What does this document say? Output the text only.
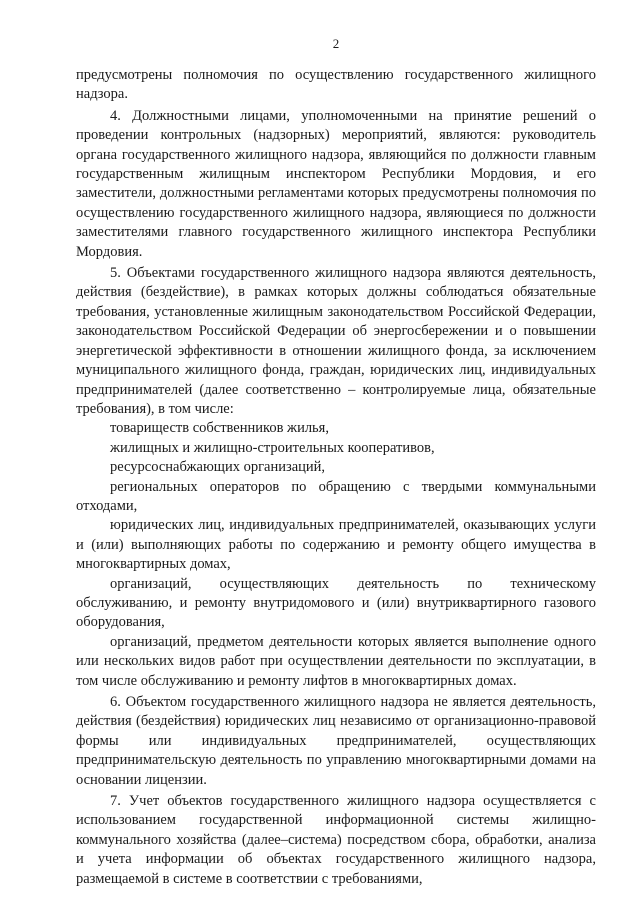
2

предусмотрены полномочия по осуществлению государственного жилищного надзора.

4. Должностными лицами, уполномоченными на принятие решений о проведении контрольных (надзорных) мероприятий, являются: руководитель органа государственного жилищного надзора, являющийся по должности главным государственным жилищным инспектором Республики Мордовия, и его заместители, должностными регламентами которых предусмотрены полномочия по осуществлению государственного жилищного надзора, являющиеся по должности заместителями главного государственного жилищного инспектора Республики Мордовия.

5. Объектами государственного жилищного надзора являются деятельность, действия (бездействие), в рамках которых должны соблюдаться обязательные требования, установленные жилищным законодательством Российской Федерации, законодательством Российской Федерации об энергосбережении и о повышении энергетической эффективности в отношении жилищного фонда, за исключением муниципального жилищного фонда, граждан, юридических лиц, индивидуальных предпринимателей (далее соответственно – контролируемые лица, обязательные требования), в том числе:

товариществ собственников жилья,

жилищных и жилищно-строительных кооперативов,

ресурсоснабжающих организаций,

региональных операторов по обращению с твердыми коммунальными отходами,

юридических лиц, индивидуальных предпринимателей, оказывающих услуги и (или) выполняющих работы по содержанию и ремонту общего имущества в многоквартирных домах,

организаций, осуществляющих деятельность по техническому обслуживанию, и ремонту внутридомового и (или) внутриквартирного газового оборудования,

организаций, предметом деятельности которых является выполнение одного или нескольких видов работ при осуществлении деятельности по эксплуатации, в том числе обслуживанию и ремонту лифтов в многоквартирных домах.

6. Объектом государственного жилищного надзора не является деятельность, действия (бездействия) юридических лиц независимо от организационно-правовой формы или индивидуальных предпринимателей, осуществляющих предпринимательскую деятельность по управлению многоквартирными домами на основании лицензии.

7. Учет объектов государственного жилищного надзора осуществляется с использованием государственной информационной системы жилищно-коммунального хозяйства (далее–система) посредством сбора, обработки, анализа и учета информации об объектах государственного жилищного надзора, размещаемой в системе в соответствии с требованиями,
